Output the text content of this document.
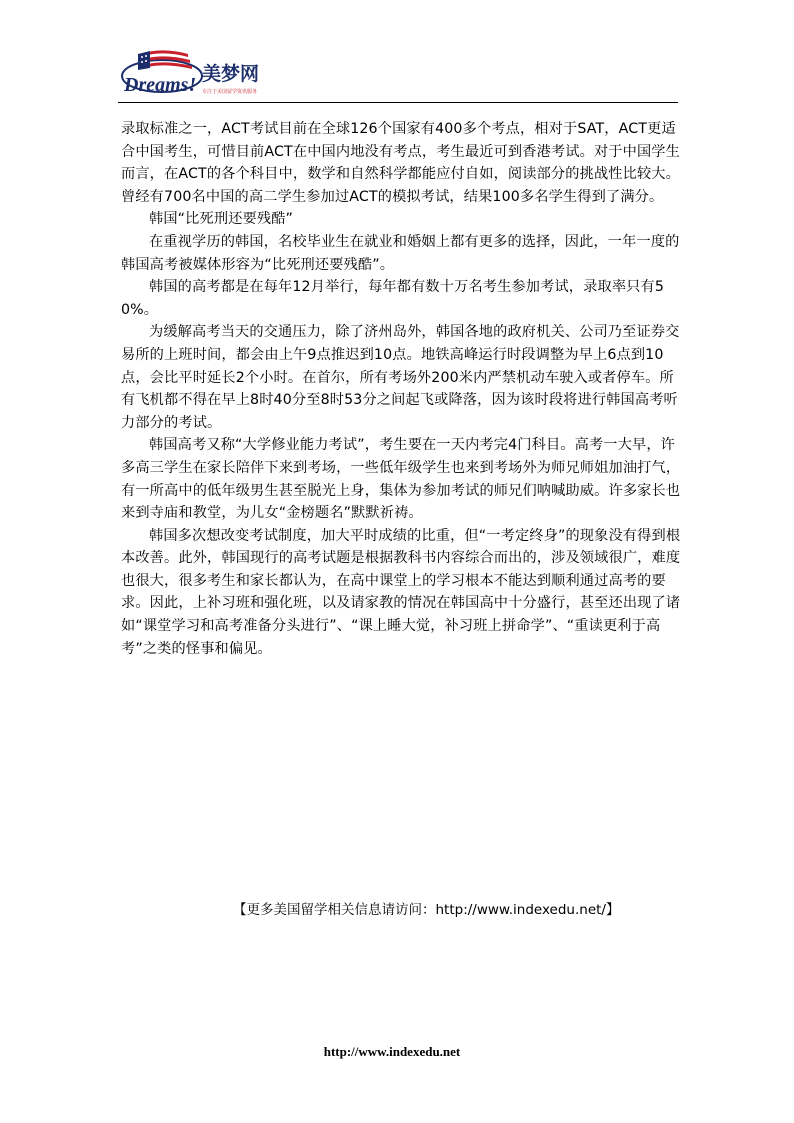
Dreams! 美梦网
专注于美国留学资讯服务

录取标准之一，ACT考试目前在全球126个国家有400多个考点，相对于SAT，ACT更适合中国考生，可惜目前ACT在中国内地没有考点，考生最近可到香港考试。对于中国学生而言，在ACT的各个科目中，数学和自然科学都能应付自如，阅读部分的挑战性比较大。曾经有700名中国的高二学生参加过ACT的模拟考试，结果100多名学生得到了满分。

韩国“比死刑还要残酷”

在重视学历的韩国，名校毕业生在就业和婚姻上都有更多的选择，因此，一年一度的韩国高考被媒体形容为“比死刑还要残酷”。

韩国的高考都是在每年12月举行，每年都有数十万名考生参加考试，录取率只有50%。

为缓解高考当天的交通压力，除了济州岛外，韩国各地的政府机关、公司乃至证券交易所的上班时间，都会由上午9点推迟到10点。地铁高峰运行时段调整为早上6点到10点，会比平时延长2个小时。在首尔，所有考场外200米内严禁机动车驶入或者停车。所有飞机都不得在早上8时40分至8时53分之间起飞或降落，因为该时段将进行韩国高考听力部分的考试。

韩国高考又称“大学修业能力考试”，考生要在一天内考完4门科目。高考一大早，许多高三学生在家长陪伴下来到考场，一些低年级学生也来到考场外为师兄师姐加油打气，有一所高中的低年级男生甚至脱光上身，集体为参加考试的师兄们呐喊助威。许多家长也来到寺庙和教堂，为儿女“金榜题名”默默祈祷。

韩国多次想改变考试制度，加大平时成绩的比重，但“一考定终身”的现象没有得到根本改善。此外，韩国现行的高考试题是根据教科书内容综合而出的，涉及领域很广，难度也很大，很多考生和家长都认为，在高中课堂上的学习根本不能达到顺利通过高考的要求。因此，上补习班和强化班，以及请家教的情况在韩国高中十分盛行，甚至还出现了诸如“课堂学习和高考准备分头进行”、“课上睡大觉，补习班上拼命学”、“重读更利于高考”之类的怪事和偏见。

【更多美国留学相关信息请访问：http://www.indexedu.net/】
http://www.indexedu.net
